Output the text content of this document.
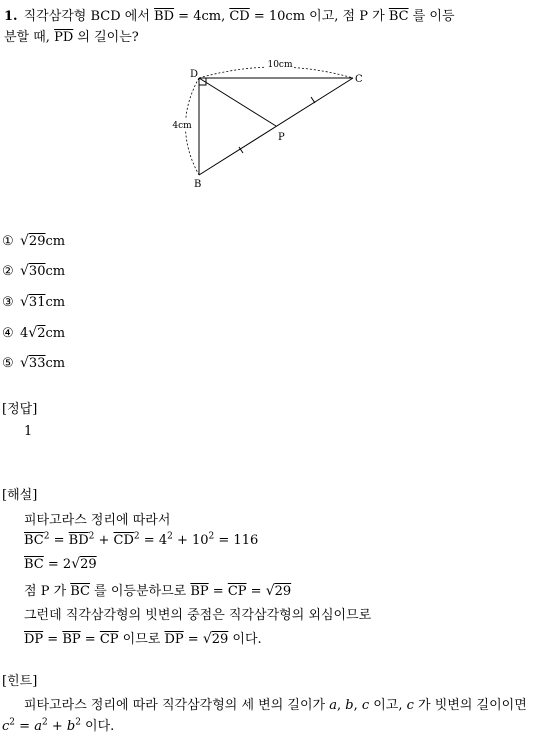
1. 직각삼각형 BCD 에서 $\overline{BD} = 4cm$, $\overline{CD} = 10cm$ 이고, 점 P 가 $\overline{BC}$ 를 이등
분할 때, $\overline{PD}$ 의 길이는?
10cm
4cm
D	C
B
P
① √29cm
② √30cm
③ √31cm
④ 4√2cm
⑤ √33cm
[정답]
1
[해설]
피타고라스 정리에 따라서
$\overline{BC}^2 = \overline{BD}^2 + \overline{CD}^2 = 4^2 + 10^2 = 116$
$\overline{BC} = 2√29$
점 P 가 $\overline{BC}$ 를 이등분하므로 $\overline{BP} = \overline{CP} = √29$
그런데 직각삼각형의 빗변의 중점은 직각삼각형의 외심이므로
$\overline{DP} = \overline{BP} = \overline{CP}$ 이므로 $\overline{DP} = √29$ 이다.
[힌트]
피타고라스 정리에 따라 직각삼각형의 세 변의 길이가 a, b, c 이고, c 가 빗변의 길이이면 $c^2 = a^2 + b^2$ 이다.
